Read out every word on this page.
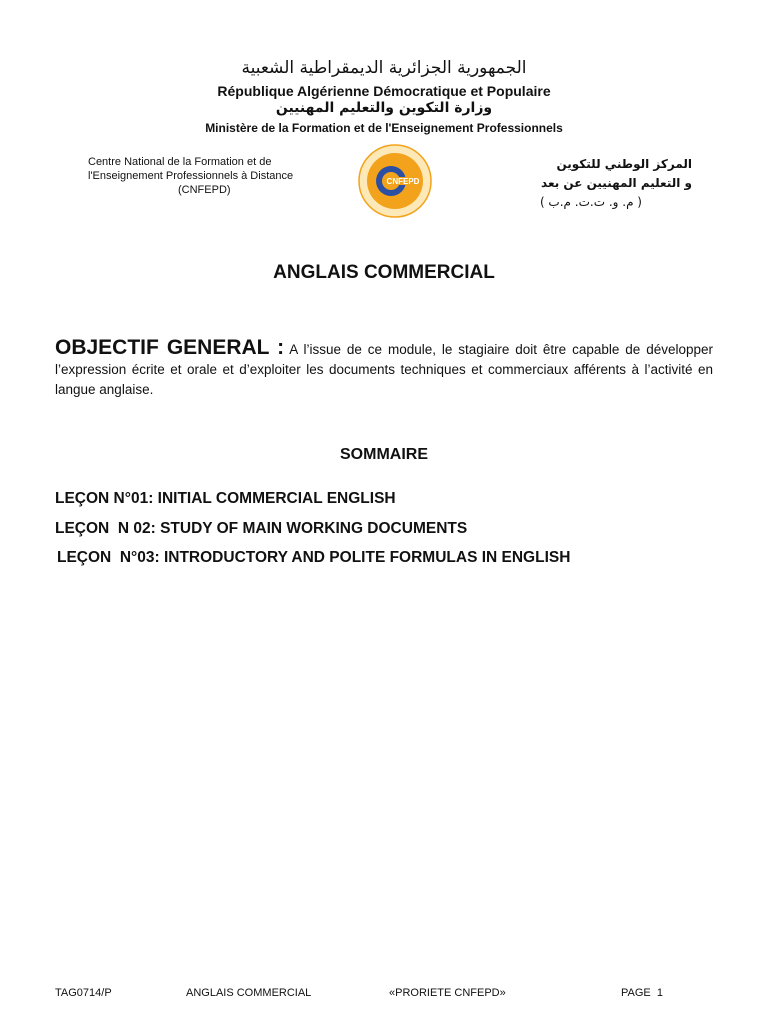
الجمهورية الجزائرية الديمقراطية الشعبية
République Algérienne Démocratique et Populaire
وزارة التكوين والتعليم المهنيين
Ministère de la Formation et de l'Enseignement Professionnels
Centre National de la Formation et de
l'Enseignement Professionnels à Distance
(CNFEPD)
CNFEPD
المركز الوطني للتكوين
و التعليم المهنيين عن بعد
( م. و. ت.ت. م.ب )
ANGLAIS COMMERCIAL
OBJECTIF GENERAL : A l’issue de ce module, le stagiaire doit être capable de développer l’expression écrite et orale et d’exploiter les documents techniques et commerciaux afférents à l’activité en langue anglaise.
SOMMAIRE
LEÇON N°01: INITIAL COMMERCIAL ENGLISH
LEÇON  N 02: STUDY OF MAIN WORKING DOCUMENTS
LEÇON  N°03: INTRODUCTORY AND POLITE FORMULAS IN ENGLISH
TAG0714/P	ANGLAIS COMMERCIAL	«PRORIETE CNFEPD»	PAGE  1
